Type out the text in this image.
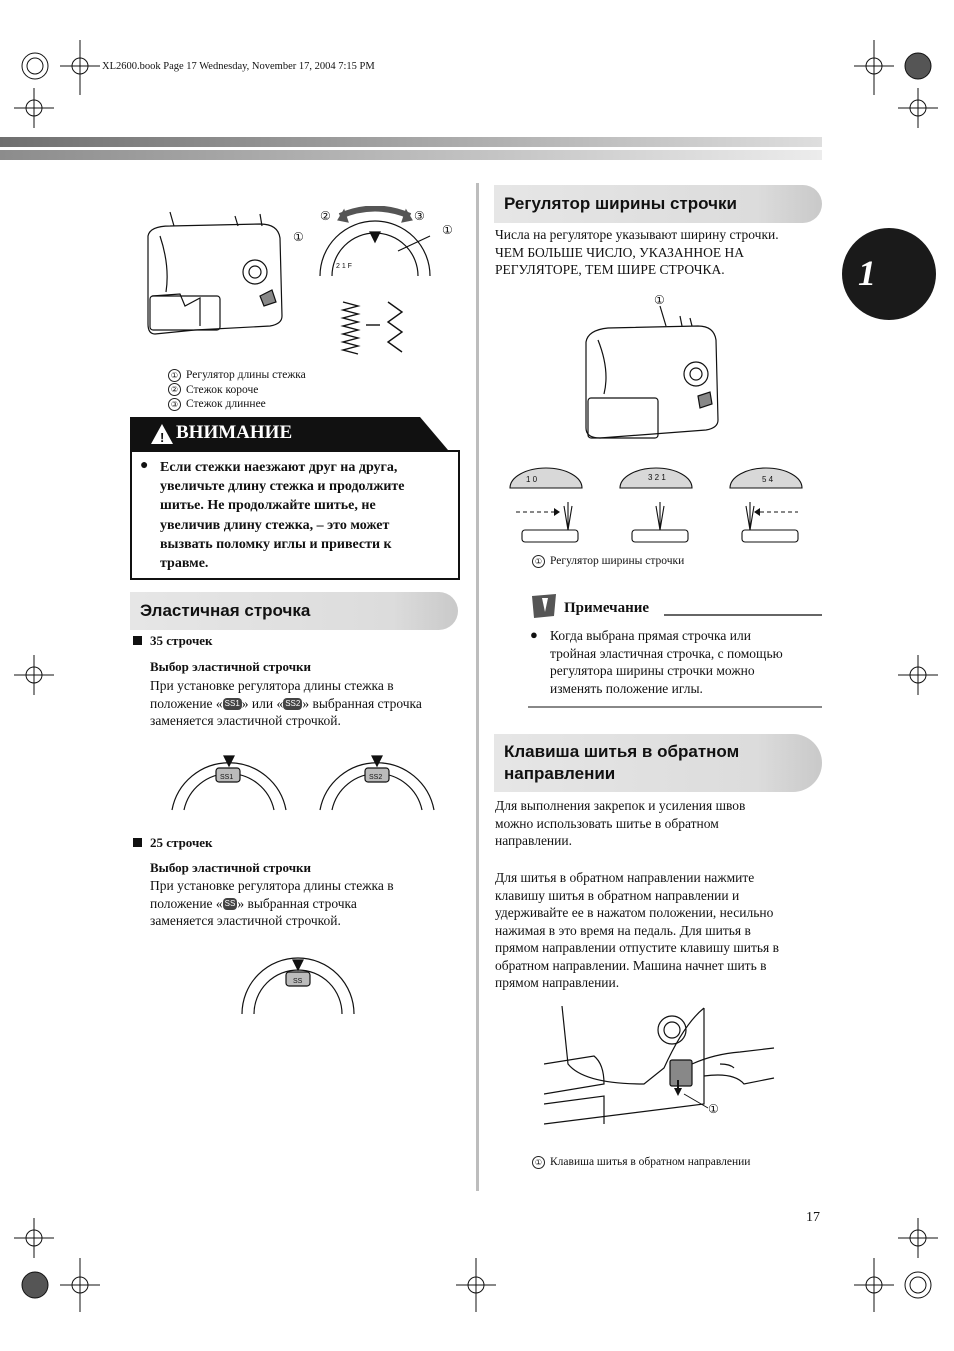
XL2600.book Page 17 Wednesday, November 17, 2004 7:15 PM
1
2 1 F
①
②	③
①
① Регулятор длины стежка
② Стежок короче
③ Стежок длиннее
! ВНИМАНИЕ
● Если стежки наезжают друг на друга,
увеличьте длину стежка и продолжите
шитье. Не продолжайте шитье, не
увеличив длину стежка, – это может
вызвать поломку иглы и привести к
травме.
Эластичная строчка
35 строчек
Выбор эластичной строчки
При установке регулятора длины стежка в
положение « SS1 » или « SS2 » выбранная строчка
заменяется эластичной строчкой.
SS1	SS2
25 строчек
Выбор эластичной строчки
При установке регулятора длины стежка в
положение « SS » выбранная строчка
заменяется эластичной строчкой.
SS
Регулятор ширины строчки
Числа на регуляторе указывают ширину строчки.
ЧЕМ БОЛЬШЕ ЧИСЛО, УКАЗАННОЕ НА
РЕГУЛЯТОРЕ, ТЕМ ШИРЕ СТРОЧКА.
①
1 0	3 2 1	5 4
① Регулятор ширины строчки
Примечание
● Когда выбрана прямая строчка или
тройная эластичная строчка, с помощью
регулятора ширины строчки можно
изменять положение иглы.
Клавиша шитья в обратном
направлении
Для выполнения закрепок и усиления швов
можно использовать шитье в обратном
направлении.
Для шитья в обратном направлении нажмите
клавишу шитья в обратном направлении и
удерживайте ее в нажатом положении, несильно
нажимая в это время на педаль. Для шитья в
прямом направлении отпустите клавишу шитья в
обратном направлении. Машина начнет шить в
прямом направлении.
①
① Клавиша шитья в обратном направлении
17
